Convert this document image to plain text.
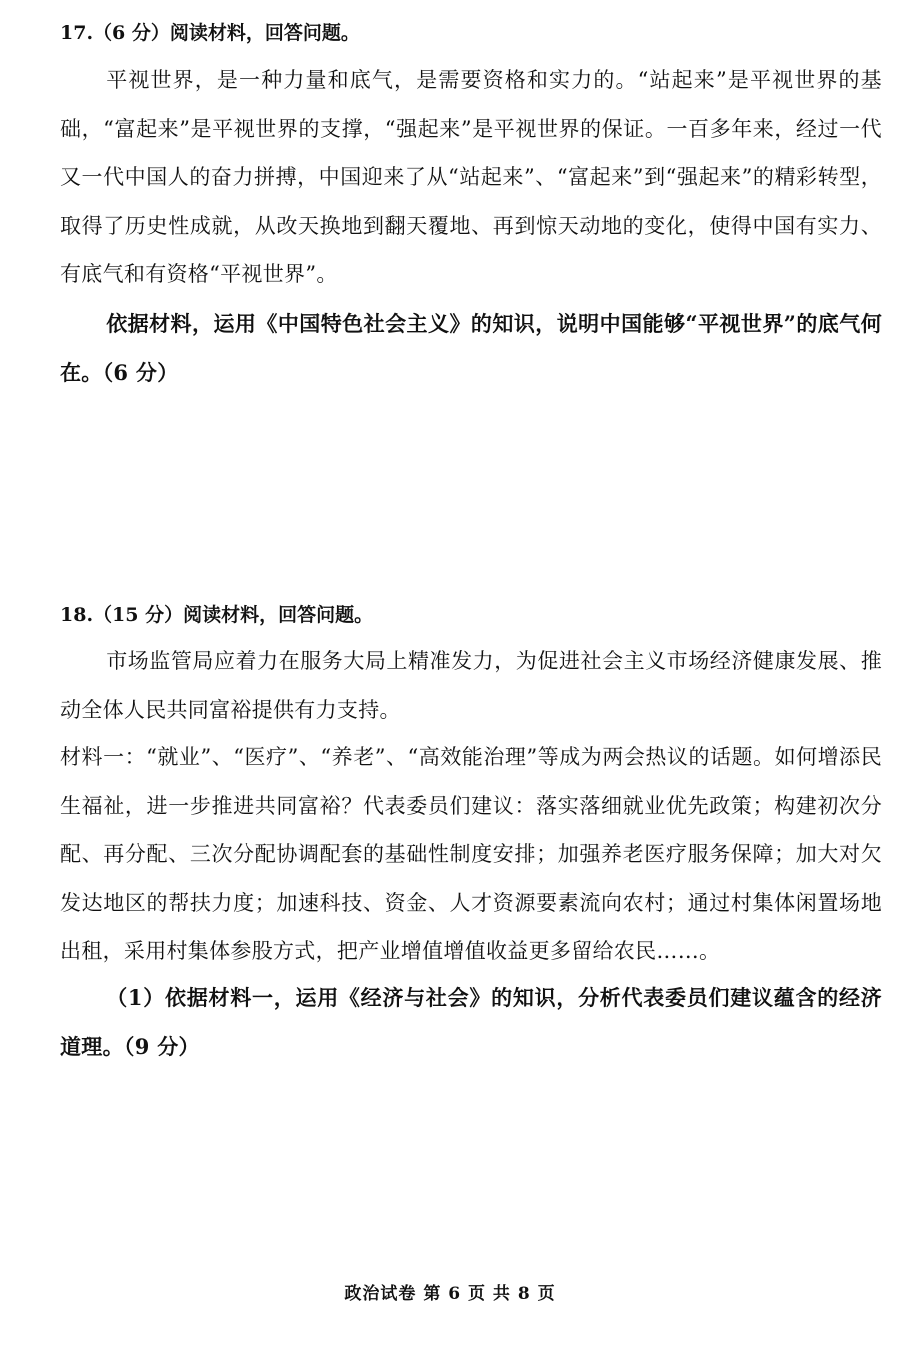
17.（6 分）阅读材料，回答问题。

平视世界，是一种力量和底气，是需要资格和实力的。“站起来”是平视世界的基础，“富起来”是平视世界的支撑，“强起来”是平视世界的保证。一百多年来，经过一代又一代中国人的奋力拼搏，中国迎来了从“站起来”、“富起来”到“强起来”的精彩转型，取得了历史性成就，从改天换地到翻天覆地、再到惊天动地的变化，使得中国有实力、有底气和有资格“平视世界”。

依据材料，运用《中国特色社会主义》的知识，说明中国能够“平视世界”的底气何在。（6 分）

18.（15 分）阅读材料，回答问题。

市场监管局应着力在服务大局上精准发力，为促进社会主义市场经济健康发展、推动全体人民共同富裕提供有力支持。

材料一：“就业”、“医疗”、“养老”、“高效能治理”等成为两会热议的话题。如何增添民生福祉，进一步推进共同富裕？代表委员们建议：落实落细就业优先政策；构建初次分配、再分配、三次分配协调配套的基础性制度安排；加强养老医疗服务保障；加大对欠发达地区的帮扶力度；加速科技、资金、人才资源要素流向农村；通过村集体闲置场地出租，采用村集体参股方式，把产业增值增值收益更多留给农民……。

（1）依据材料一，运用《经济与社会》的知识，分析代表委员们建议蕴含的经济道理。（9 分）

政治试卷 第 6 页 共 8 页
